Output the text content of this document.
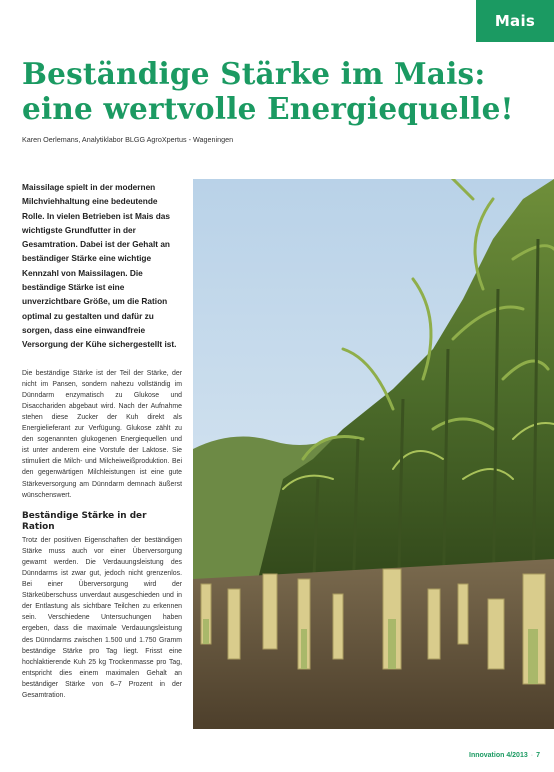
Mais
Beständige Stärke im Mais:
eine wertvolle Energiequelle!
Karen Oerlemans, Analytiklabor BLGG AgroXpertus - Wageningen

Maissilage spielt in der modernen Milchviehhaltung eine bedeutende Rolle. In vielen Betrieben ist Mais das wichtigste Grundfutter in der Gesamtration. Dabei ist der Gehalt an beständiger Stärke eine wichtige Kennzahl von Maissilagen. Die beständige Stärke ist eine unverzichtbare Größe, um die Ration optimal zu gestalten und dafür zu sorgen, dass eine einwandfreie Versorgung der Kühe sichergestellt ist.

Die beständige Stärke ist der Teil der Stärke, der nicht im Pansen, sondern nahezu vollständig im Dünndarm enzymatisch zu Glukose und Disacchariden abgebaut wird. Nach der Aufnahme stehen diese Zucker der Kuh direkt als Energielieferant zur Verfügung. Glukose zählt zu den sogenannten glukogenen Energiequellen und ist unter anderem eine Vorstufe der Laktose. Sie stimuliert die Milch- und Milcheiweißproduktion. Bei den gegenwärtigen Milchleistungen ist eine gute Stärkeversorgung am Dünndarm demnach äußerst wünschenswert.

Beständige Stärke in der Ration

Trotz der positiven Eigenschaften der beständigen Stärke muss auch vor einer Überversorgung gewarnt werden. Die Verdauungsleistung des Dünndarms ist zwar gut, jedoch nicht grenzenlos. Bei einer Überversorgung wird der Stärkeüberschuss unverdaut ausgeschieden und in der Entlastung als sichtbare Teilchen zu erkennen sein. Verschiedene Untersuchungen haben ergeben, dass die maximale Verdauungsleistung des Dünndarms zwischen 1.500 und 1.750 Gramm beständige Stärke pro Tag liegt. Frisst eine hochlaktierende Kuh 25 kg Trockenmasse pro Tag, entspricht dies einem maximalen Gehalt an beständiger Stärke von 6–7 Prozent in der Gesamtration.

Innovation 4/2013 · 7
